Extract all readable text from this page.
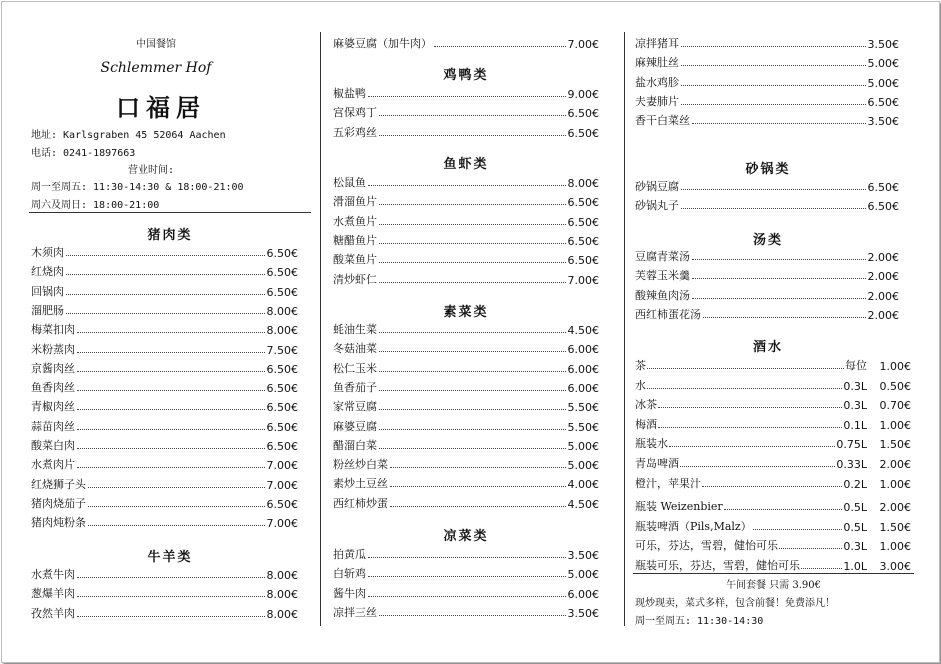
中国餐馆
Schlemmer Hof
口福居
地址: Karlsgraben 45 52064 Aachen
电话: 0241-1897663
营业时间:
周一至周五: 11:30-14:30 & 18:00-21:00
周六及周日: 18:00-21:00
猪肉类
木须肉	6.50€
红烧肉	6.50€
回锅肉	6.50€
溜肥肠	8.00€
梅菜扣肉	8.00€
米粉蒸肉	7.50€
京酱肉丝	6.50€
鱼香肉丝	6.50€
青椒肉丝	6.50€
蒜苗肉丝	6.50€
酸菜白肉	6.50€
水煮肉片	7.00€
红烧狮子头	7.00€
猪肉烧茄子	6.50€
猪肉炖粉条	7.00€
牛羊类
水煮牛肉	8.00€
葱爆羊肉	8.00€
孜然羊肉	8.00€
麻婆豆腐（加牛肉）	7.00€
鸡鸭类
椒盐鸭	9.00€
宫保鸡丁	6.50€
五彩鸡丝	6.50€
鱼虾类
松鼠鱼	8.00€
滑溜鱼片	6.50€
水煮鱼片	6.50€
糖醋鱼片	6.50€
酸菜鱼片	6.50€
清炒虾仁	7.00€
素菜类
蚝油生菜	4.50€
冬菇油菜	6.00€
松仁玉米	6.00€
鱼香茄子	6.00€
家常豆腐	5.50€
麻婆豆腐	5.50€
醋溜白菜	5.00€
粉丝炒白菜	5.00€
素炒土豆丝	4.00€
西红柿炒蛋	4.50€
凉菜类
拍黄瓜	3.50€
白斩鸡	5.00€
酱牛肉	6.00€
凉拌三丝	3.50€
凉拌猪耳	3.50€
麻辣肚丝	5.00€
盐水鸡胗	5.00€
夫妻肺片	6.50€
香干白菜丝	3.50€
砂锅类
砂锅豆腐	6.50€
砂锅丸子	6.50€
汤类
豆腐青菜汤	2.00€
芙蓉玉米羹	2.00€
酸辣鱼肉汤	2.00€
西红柿蛋花汤	2.00€
酒水
茶	每位	1.00€
水	0.3L	0.50€
冰茶	0.3L	0.70€
梅酒	0.1L	1.00€
瓶装水	0.75L	1.50€
青岛啤酒	0.33L	2.00€
橙汁，苹果汁	0.2L	1.00€
瓶装 Weizenbier	0.5L	2.00€
瓶装啤酒（Pils,Malz）	0.5L	1.50€
可乐，芬达，雪碧，健怡可乐	0.3L	1.00€
瓶装可乐，芬达，雪碧，健怡可乐	1.0L	3.00€
午间套餐 只需 3.90€
现炒现卖，菜式多样，包含前餐！免费添凡！
周一至周五: 11:30-14:30
